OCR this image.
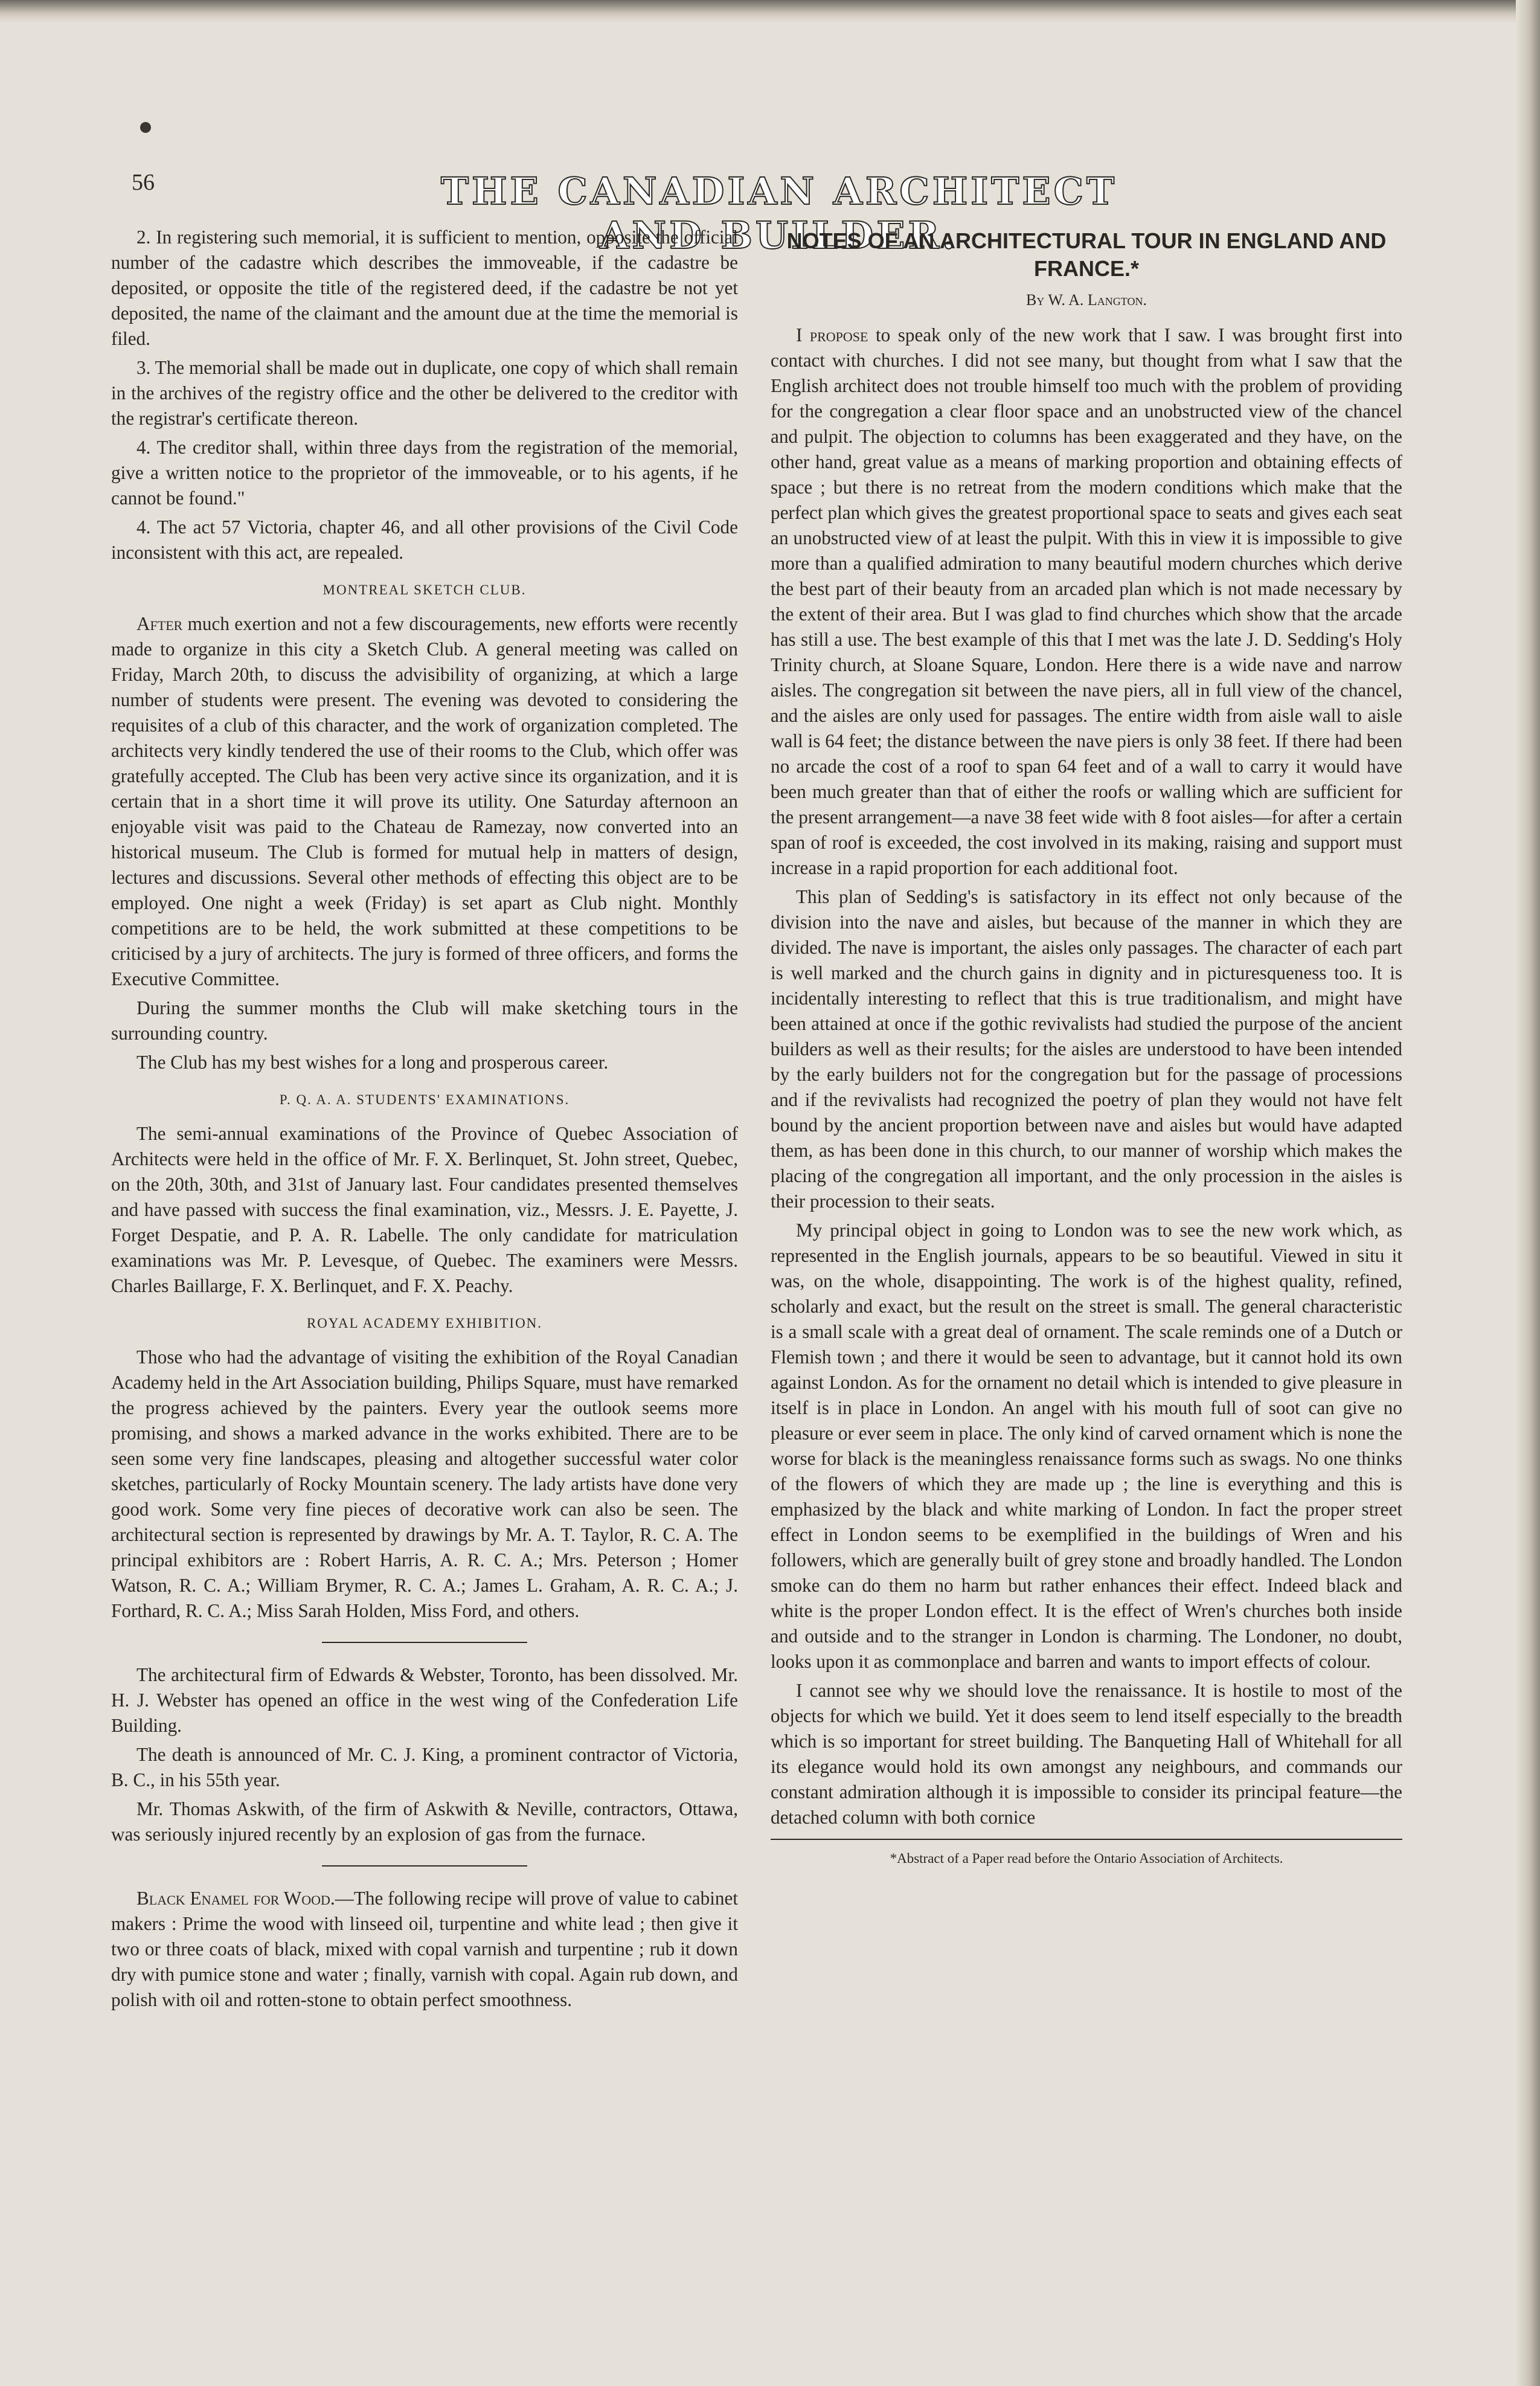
56	THE CANADIAN ARCHITECT AND BUILDER.

2. In registering such memorial, it is sufficient to mention, opposite the official number of the cadastre which describes the immoveable, if the cadastre be deposited, or opposite the title of the registered deed, if the cadastre be not yet deposited, the name of the claimant and the amount due at the time the memorial is filed.

3. The memorial shall be made out in duplicate, one copy of which shall remain in the archives of the registry office and the other be delivered to the creditor with the registrar's certificate thereon.

4. The creditor shall, within three days from the registration of the memorial, give a written notice to the proprietor of the immoveable, or to his agents, if he cannot be found."

4. The act 57 Victoria, chapter 46, and all other provisions of the Civil Code inconsistent with this act, are repealed.

MONTREAL SKETCH CLUB.

After much exertion and not a few discouragements, new efforts were recently made to organize in this city a Sketch Club. A general meeting was called on Friday, March 20th, to discuss the advisibility of organizing, at which a large number of students were present. The evening was devoted to considering the requisites of a club of this character, and the work of organization completed. The architects very kindly tendered the use of their rooms to the Club, which offer was gratefully accepted. The Club has been very active since its organization, and it is certain that in a short time it will prove its utility. One Saturday afternoon an enjoyable visit was paid to the Chateau de Ramezay, now converted into an historical museum. The Club is formed for mutual help in matters of design, lectures and discussions. Several other methods of effecting this object are to be employed. One night a week (Friday) is set apart as Club night. Monthly competitions are to be held, the work submitted at these competitions to be criticised by a jury of architects. The jury is formed of three officers, and forms the Executive Committee.

During the summer months the Club will make sketching tours in the surrounding country.

The Club has my best wishes for a long and prosperous career.

P. Q. A. A. STUDENTS' EXAMINATIONS.

The semi-annual examinations of the Province of Quebec Association of Architects were held in the office of Mr. F. X. Berlinquet, St. John street, Quebec, on the 20th, 30th, and 31st of January last. Four candidates presented themselves and have passed with success the final examination, viz., Messrs. J. E. Payette, J. Forget Despatie, and P. A. R. Labelle. The only candidate for matriculation examinations was Mr. P. Levesque, of Quebec. The examiners were Messrs. Charles Baillarge, F. X. Berlinquet, and F. X. Peachy.

ROYAL ACADEMY EXHIBITION.

Those who had the advantage of visiting the exhibition of the Royal Canadian Academy held in the Art Association building, Philips Square, must have remarked the progress achieved by the painters. Every year the outlook seems more promising, and shows a marked advance in the works exhibited. There are to be seen some very fine landscapes, pleasing and altogether successful water color sketches, particularly of Rocky Mountain scenery. The lady artists have done very good work. Some very fine pieces of decorative work can also be seen. The architectural section is represented by drawings by Mr. A. T. Taylor, R. C. A. The principal exhibitors are : Robert Harris, A. R. C. A.; Mrs. Peterson ; Homer Watson, R. C. A.; William Brymer, R. C. A.; James L. Graham, A. R. C. A.; J. Forthard, R. C. A.; Miss Sarah Holden, Miss Ford, and others.

The architectural firm of Edwards & Webster, Toronto, has been dissolved. Mr. H. J. Webster has opened an office in the west wing of the Confederation Life Building.

The death is announced of Mr. C. J. King, a prominent contractor of Victoria, B. C., in his 55th year.

Mr. Thomas Askwith, of the firm of Askwith & Neville, contractors, Ottawa, was seriously injured recently by an explosion of gas from the furnace.

Black Enamel for Wood.—The following recipe will prove of value to cabinet makers : Prime the wood with linseed oil, turpentine and white lead ; then give it two or three coats of black, mixed with copal varnish and turpentine ; rub it down dry with pumice stone and water ; finally, varnish with copal. Again rub down, and polish with oil and rotten-stone to obtain perfect smoothness.

NOTES OF AN ARCHITECTURAL TOUR IN ENGLAND AND FRANCE.*
By W. A. Langton.

I propose to speak only of the new work that I saw. I was brought first into contact with churches. I did not see many, but thought from what I saw that the English architect does not trouble himself too much with the problem of providing for the congregation a clear floor space and an unobstructed view of the chancel and pulpit. The objection to columns has been exaggerated and they have, on the other hand, great value as a means of marking proportion and obtaining effects of space ; but there is no retreat from the modern conditions which make that the perfect plan which gives the greatest proportional space to seats and gives each seat an unobstructed view of at least the pulpit. With this in view it is impossible to give more than a qualified admiration to many beautiful modern churches which derive the best part of their beauty from an arcaded plan which is not made necessary by the extent of their area. But I was glad to find churches which show that the arcade has still a use. The best example of this that I met was the late J. D. Sedding's Holy Trinity church, at Sloane Square, London. Here there is a wide nave and narrow aisles. The congregation sit between the nave piers, all in full view of the chancel, and the aisles are only used for passages. The entire width from aisle wall to aisle wall is 64 feet; the distance between the nave piers is only 38 feet. If there had been no arcade the cost of a roof to span 64 feet and of a wall to carry it would have been much greater than that of either the roofs or walling which are sufficient for the present arrangement—a nave 38 feet wide with 8 foot aisles—for after a certain span of roof is exceeded, the cost involved in its making, raising and support must increase in a rapid proportion for each additional foot.

This plan of Sedding's is satisfactory in its effect not only because of the division into the nave and aisles, but because of the manner in which they are divided. The nave is important, the aisles only passages. The character of each part is well marked and the church gains in dignity and in picturesqueness too. It is incidentally interesting to reflect that this is true traditionalism, and might have been attained at once if the gothic revivalists had studied the purpose of the ancient builders as well as their results; for the aisles are understood to have been intended by the early builders not for the congregation but for the passage of processions and if the revivalists had recognized the poetry of plan they would not have felt bound by the ancient proportion between nave and aisles but would have adapted them, as has been done in this church, to our manner of worship which makes the placing of the congregation all important, and the only procession in the aisles is their procession to their seats.

My principal object in going to London was to see the new work which, as represented in the English journals, appears to be so beautiful. Viewed in situ it was, on the whole, disappointing. The work is of the highest quality, refined, scholarly and exact, but the result on the street is small. The general characteristic is a small scale with a great deal of ornament. The scale reminds one of a Dutch or Flemish town ; and there it would be seen to advantage, but it cannot hold its own against London. As for the ornament no detail which is intended to give pleasure in itself is in place in London. An angel with his mouth full of soot can give no pleasure or ever seem in place. The only kind of carved ornament which is none the worse for black is the meaningless renaissance forms such as swags. No one thinks of the flowers of which they are made up ; the line is everything and this is emphasized by the black and white marking of London. In fact the proper street effect in London seems to be exemplified in the buildings of Wren and his followers, which are generally built of grey stone and broadly handled. The London smoke can do them no harm but rather enhances their effect. Indeed black and white is the proper London effect. It is the effect of Wren's churches both inside and outside and to the stranger in London is charming. The Londoner, no doubt, looks upon it as commonplace and barren and wants to import effects of colour.

I cannot see why we should love the renaissance. It is hostile to most of the objects for which we build. Yet it does seem to lend itself especially to the breadth which is so important for street building. The Banqueting Hall of Whitehall for all its elegance would hold its own amongst any neighbours, and commands our constant admiration although it is impossible to consider its principal feature—the detached column with both cornice

*Abstract of a Paper read before the Ontario Association of Architects.
